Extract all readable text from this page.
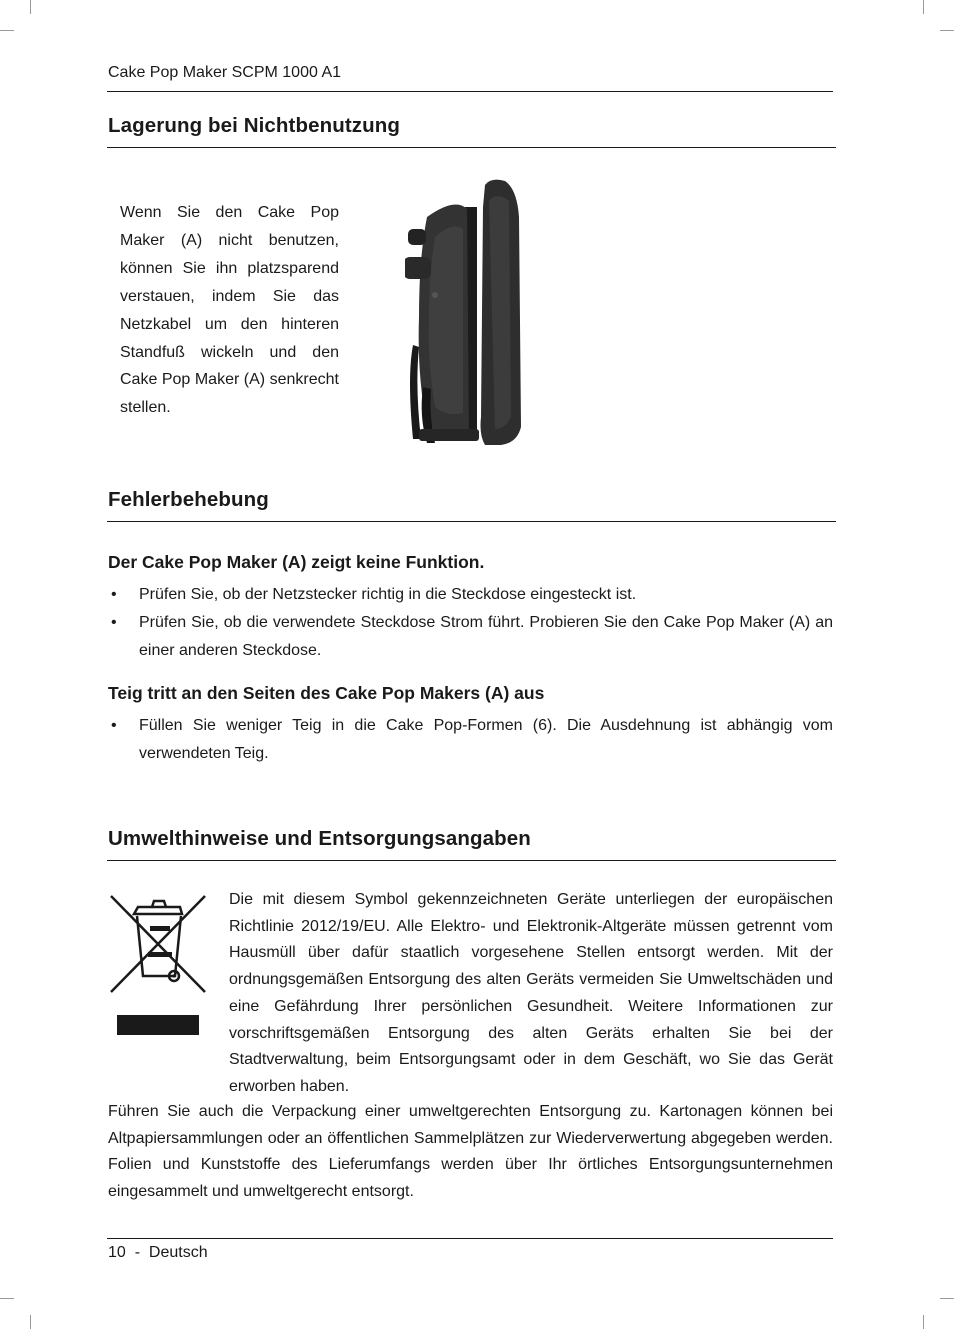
Cake Pop Maker SCPM 1000 A1
Lagerung bei Nichtbenutzung

Wenn Sie den Cake Pop Maker (A) nicht benutzen, können Sie ihn platzsparend verstauen, indem Sie das Netzkabel um den hinteren Standfuß wickeln und den Cake Pop Maker (A) senkrecht stellen.

Fehlerbehebung
Der Cake Pop Maker (A) zeigt keine Funktion.
• Prüfen Sie, ob der Netzstecker richtig in die Steckdose eingesteckt ist.
• Prüfen Sie, ob die verwendete Steckdose Strom führt. Probieren Sie den Cake Pop Maker (A) an einer anderen Steckdose.
Teig tritt an den Seiten des Cake Pop Makers (A) aus
• Füllen Sie weniger Teig in die Cake Pop-Formen (6). Die Ausdehnung ist abhängig vom verwendeten Teig.
Umwelthinweise und Entsorgungsangaben

Die mit diesem Symbol gekennzeichneten Geräte unterliegen der europäischen Richtlinie 2012/19/EU. Alle Elektro- und Elektronik-Altgeräte müssen getrennt vom Hausmüll über dafür staatlich vorgesehene Stellen entsorgt werden. Mit der ordnungsgemäßen Entsorgung des alten Geräts vermeiden Sie Umweltschäden und eine Gefährdung Ihrer persönlichen Gesundheit. Weitere Informationen zur vorschriftsgemäßen Entsorgung des alten Geräts erhalten Sie bei der Stadtverwaltung, beim Entsorgungsamt oder in dem Geschäft, wo Sie das Gerät erworben haben.

Führen Sie auch die Verpackung einer umweltgerechten Entsorgung zu. Kartonagen können bei Altpapiersammlungen oder an öffentlichen Sammelplätzen zur Wiederverwertung abgegeben werden. Folien und Kunststoffe des Lieferumfangs werden über Ihr örtliches Entsorgungsunternehmen eingesammelt und umweltgerecht entsorgt.

10  -  Deutsch
